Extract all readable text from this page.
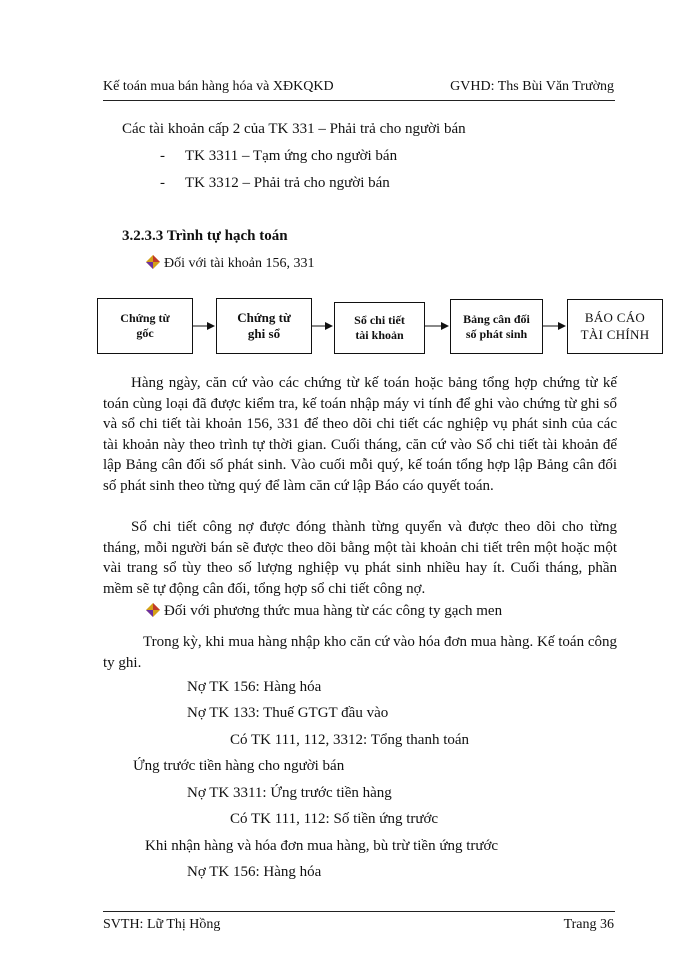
Kế toán mua bán hàng hóa và XĐKQKD	GVHD: Ths Bùi Văn Trường
Các tài khoản cấp 2 của TK 331 – Phải trả cho người bán
- TK 3311 – Tạm ứng cho người bán
- TK 3312 – Phải trả cho người bán
3.2.3.3 Trình tự hạch toán
Đối với tài khoản 156, 331
Chứng từ
gốc
Chứng từ
ghi sổ
Sổ chi tiết
tài khoản
Bảng cân đối
số phát sinh
BÁO CÁO
TÀI CHÍNH
Hàng ngày, căn cứ vào các chứng từ kế toán hoặc bảng tổng hợp chứng từ kế toán cùng loại đã được kiểm tra, kế toán nhập máy vi tính để ghi vào chứng từ ghi sổ và sổ chi tiết tài khoản 156, 331 để theo dõi chi tiết các nghiệp vụ phát sinh của các tài khoản này theo trình tự thời gian. Cuối tháng, căn cứ vào Sổ chi tiết tài khoản để lập Bảng cân đối số phát sinh. Vào cuối mỗi quý, kế toán tổng hợp lập Bảng cân đối số phát sinh theo từng quý để làm căn cứ lập Báo cáo quyết toán.
Sổ chi tiết công nợ được đóng thành từng quyển và được theo dõi cho từng tháng, mỗi người bán sẽ được theo dõi bằng một tài khoản chi tiết trên một hoặc một vài trang sổ tùy theo số lượng nghiệp vụ phát sinh nhiều hay ít. Cuối tháng, phần mềm sẽ tự động cân đối, tổng hợp sổ chi tiết công nợ.
Đối với phương thức mua hàng từ các công ty gạch men
Trong kỳ, khi mua hàng nhập kho căn cứ vào hóa đơn mua hàng. Kế toán công ty ghi.
Nợ TK 156: Hàng hóa
Nợ TK 133: Thuế GTGT đầu vào
Có TK 111, 112, 3312: Tổng thanh toán
Ứng trước tiền hàng cho người bán
Nợ TK 3311: Ứng trước tiền hàng
Có TK 111, 112: Số tiền ứng trước
Khi nhận hàng và hóa đơn mua hàng, bù trừ tiền ứng trước
Nợ TK 156: Hàng hóa
SVTH: Lữ Thị Hồng	Trang 36
